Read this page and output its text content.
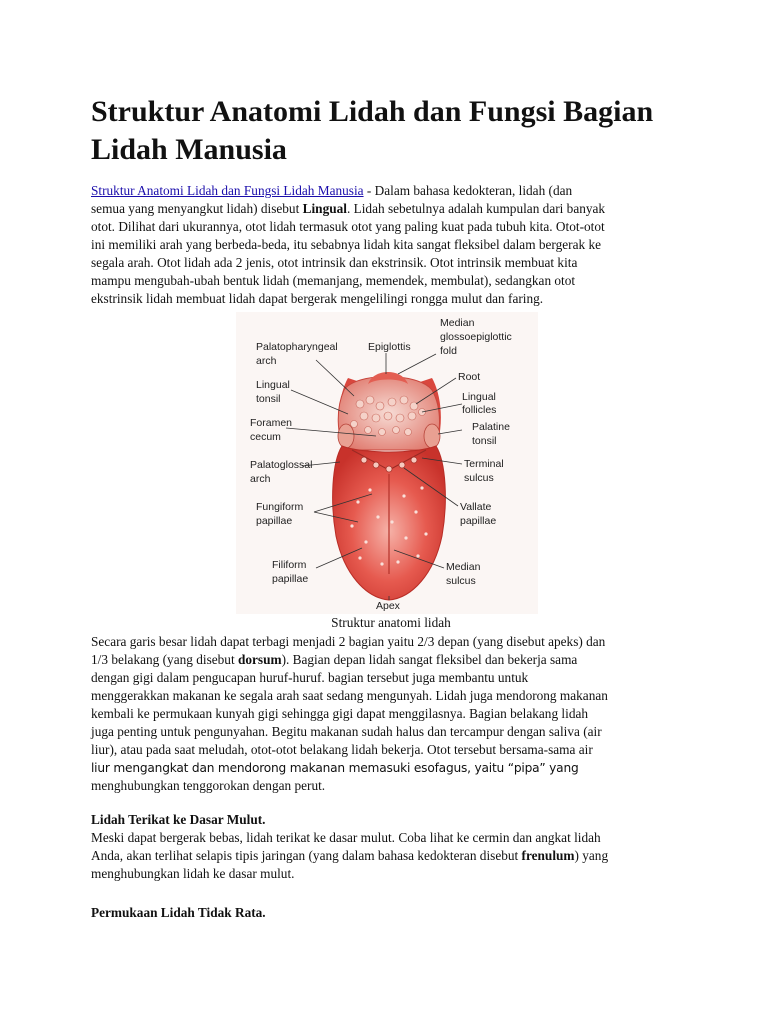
Struktur Anatomi Lidah dan Fungsi Bagian
Lidah Manusia

Struktur Anatomi Lidah dan Fungsi Lidah Manusia - Dalam bahasa kedokteran, lidah (dan
semua yang menyangkut lidah) disebut Lingual. Lidah sebetulnya adalah kumpulan dari banyak
otot. Dilihat dari ukurannya, otot lidah termasuk otot yang paling kuat pada tubuh kita. Otot-otot
ini memiliki arah yang berbeda-beda, itu sebabnya lidah kita sangat fleksibel dalam bergerak ke
segala arah. Otot lidah ada 2 jenis, otot intrinsik dan ekstrinsik. Otot intrinsik membuat kita
mampu mengubah-ubah bentuk lidah (memanjang, memendek, membulat), sedangkan otot
ekstrinsik lidah membuat lidah dapat bergerak mengelilingi rongga mulut dan faring.

Palatopharyngeal
arch
Epiglottis
Median
glossoepiglottic
fold
Lingual
tonsil
Root
Lingual
follicles
Foramen
cecum
Palatine
tonsil
Palatoglossal
arch
Terminal
sulcus
Fungiform
papillae
Vallate
papillae
Filiform
papillae
Median
sulcus
Apex
Struktur anatomi lidah

Secara garis besar lidah dapat terbagi menjadi 2 bagian yaitu 2/3 depan (yang disebut apeks) dan
1/3 belakang (yang disebut dorsum). Bagian depan lidah sangat fleksibel dan bekerja sama
dengan gigi dalam pengucapan huruf-huruf. bagian tersebut juga membantu untuk
menggerakkan makanan ke segala arah saat sedang mengunyah. Lidah juga mendorong makanan
kembali ke permukaan kunyah gigi sehingga gigi dapat menggilasnya. Bagian belakang lidah
juga penting untuk pengunyahan. Begitu makanan sudah halus dan tercampur dengan saliva (air
liur), atau pada saat meludah, otot-otot belakang lidah bekerja. Otot tersebut bersama-sama air
liur mengangkat dan mendorong makanan memasuki esofagus, yaitu “pipa” yang
menghubungkan tenggorokan dengan perut.

Lidah Terikat ke Dasar Mulut.

Meski dapat bergerak bebas, lidah terikat ke dasar mulut. Coba lihat ke cermin dan angkat lidah
Anda, akan terlihat selapis tipis jaringan (yang dalam bahasa kedokteran disebut frenulum) yang
menghubungkan lidah ke dasar mulut.

Permukaan Lidah Tidak Rata.
